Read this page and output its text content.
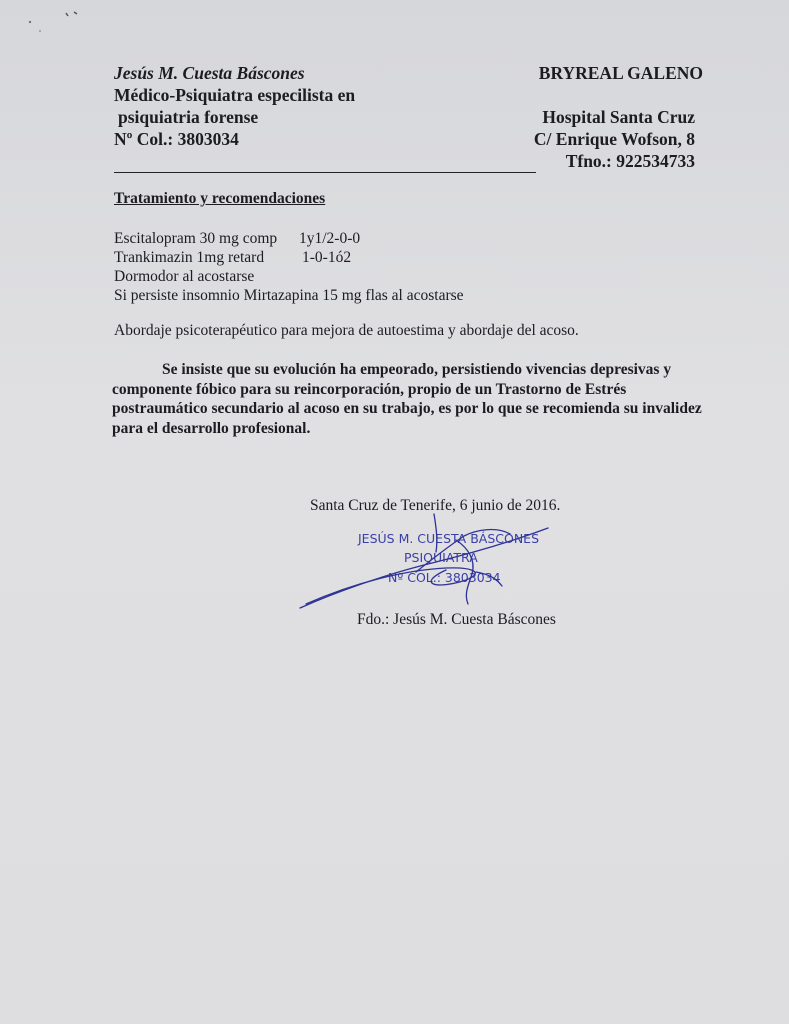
Jesús M. Cuesta Báscones
Médico-Psiquiatra especilista en
psiquiatria forense
Nº Col.: 3803034
BRYREAL GALENO
Hospital Santa Cruz
C/ Enrique Wofson, 8
Tfno.: 922534733
Tratamiento y recomendaciones
Escitalopram 30 mg comp 1y1/2-0-0
Trankimazin 1mg retard 1-0-1ó2
Dormodor al acostarse
Si persiste insomnio Mirtazapina 15 mg flas al acostarse
Abordaje psicoterapéutico para mejora de autoestima y abordaje del acoso.
Se insiste que su evolución ha empeorado, persistiendo vivencias depresivas y componente fóbico para su reincorporación, propio de un Trastorno de Estrés postraumático secundario al acoso en su trabajo, es por lo que se recomienda su invalidez para el desarrollo profesional.
Santa Cruz de Tenerife, 6 junio de 2016.
JESÚS M. CUESTA BÁSCONES
PSIQUIATRA
Nº COL.: 3803034
Fdo.: Jesús M. Cuesta Báscones
